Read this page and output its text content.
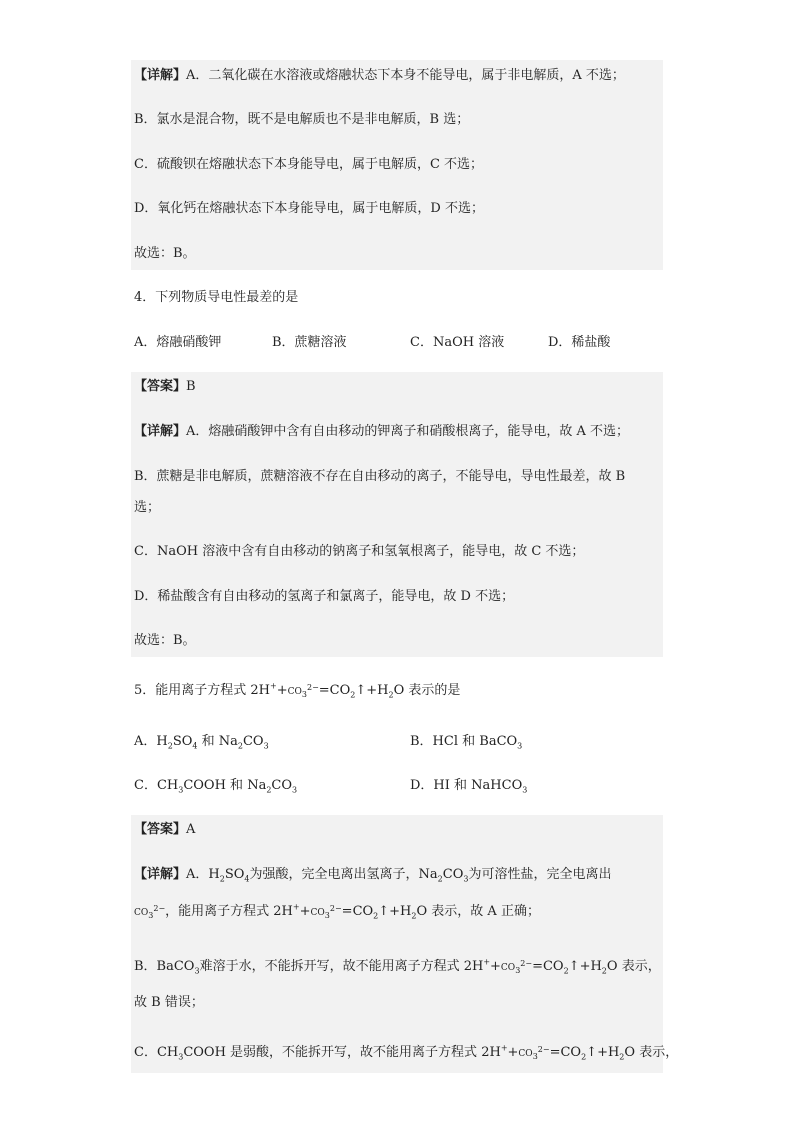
【详解】A．二氧化碳在水溶液或熔融状态下本身不能导电，属于非电解质，A 不选；
B．氯水是混合物，既不是电解质也不是非电解质，B 选；
C．硫酸钡在熔融状态下本身能导电，属于电解质，C 不选；
D．氧化钙在熔融状态下本身能导电，属于电解质，D 不选；
故选：B。
4．下列物质导电性最差的是
A．熔融硝酸钾	B．蔗糖溶液	C．NaOH 溶液	D．稀盐酸
【答案】B
【详解】A．熔融硝酸钾中含有自由移动的钾离子和硝酸根离子，能导电，故 A 不选；
B．蔗糖是非电解质，蔗糖溶液不存在自由移动的离子，不能导电，导电性最差，故 B
选；
C．NaOH 溶液中含有自由移动的钠离子和氢氧根离子，能导电，故 C 不选；
D．稀盐酸含有自由移动的氢离子和氯离子，能导电，故 D 不选；
故选：B。
5．能用离子方程式 $2H^++CO_3^{2-}=CO_2↑+H_2O$ 表示的是
A．$H_2SO_4$ 和 $Na_2CO_3$	B．HCl 和 BaCO$_3$
C．$CH_3COOH$ 和 $Na_2CO_3$	D．HI 和 NaHCO$_3$
【答案】A
【详解】A．$H_2SO_4$为强酸，完全电离出氢离子，$Na_2CO_3$为可溶性盐，完全电离出
$CO_3^{2-}$，能用离子方程式 $2H^++CO_3^{2-}=CO_2↑+H_2O$ 表示，故 A 正确；
B．BaCO$_3$难溶于水，不能拆开写，故不能用离子方程式 $2H^++CO_3^{2-}=CO_2↑+H_2O$ 表示，
故 B 错误；
C．$CH_3COOH$ 是弱酸，不能拆开写，故不能用离子方程式 $2H^++CO_3^{2-}=CO_2↑+H_2O$ 表示，
